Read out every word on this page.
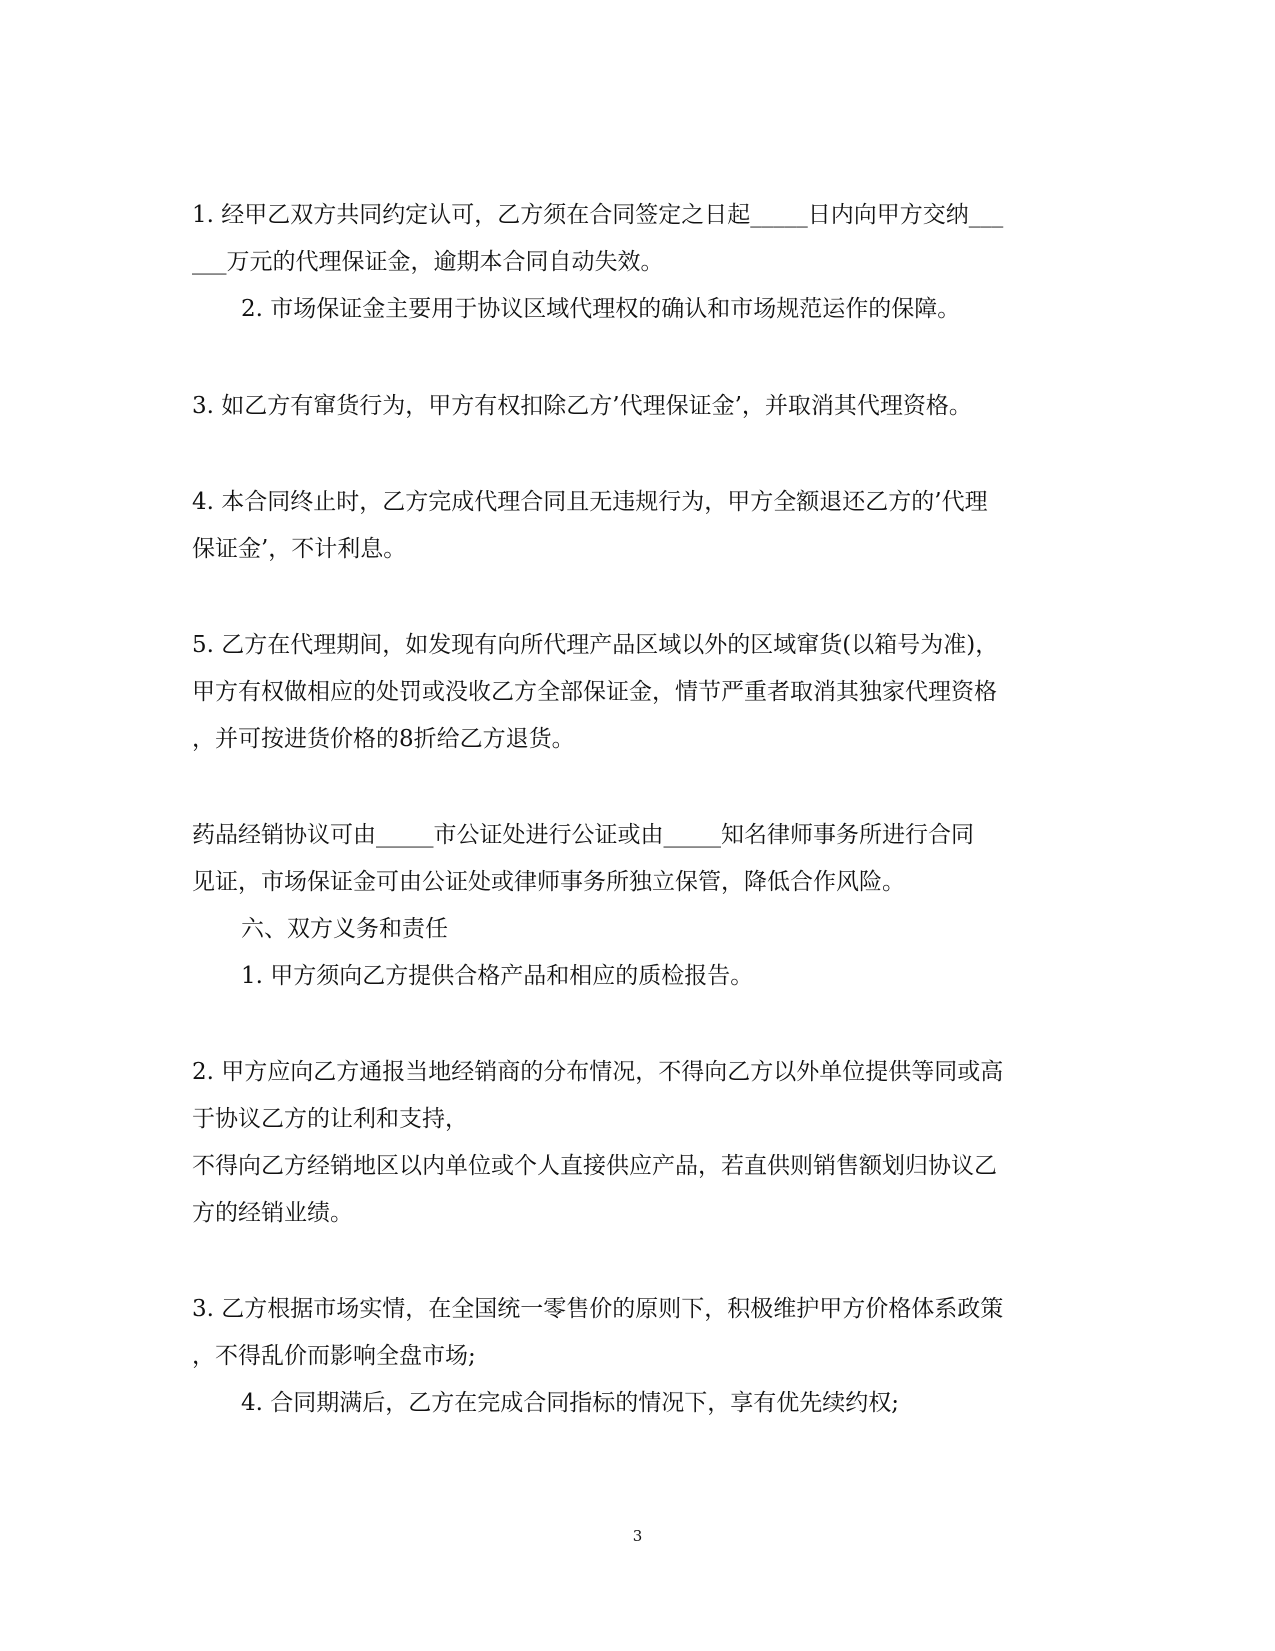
1. 经甲乙双方共同约定认可，乙方须在合同签定之日起_____日内向甲方交纳___

___万元的代理保证金，逾期本合同自动失效。

2. 市场保证金主要用于协议区域代理权的确认和市场规范运作的保障。

3. 如乙方有窜货行为，甲方有权扣除乙方’代理保证金’，并取消其代理资格。

4. 本合同终止时，乙方完成代理合同且无违规行为，甲方全额退还乙方的’代理

保证金’，不计利息。

5. 乙方在代理期间，如发现有向所代理产品区域以外的区域窜货(以箱号为准)，

甲方有权做相应的处罚或没收乙方全部保证金，情节严重者取消其独家代理资格

，并可按进货价格的8折给乙方退货。

药品经销协议可由_____市公证处进行公证或由_____知名律师事务所进行合同

见证，市场保证金可由公证处或律师事务所独立保管，降低合作风险。

六、双方义务和责任

1. 甲方须向乙方提供合格产品和相应的质检报告。

2. 甲方应向乙方通报当地经销商的分布情况，不得向乙方以外单位提供等同或高

于协议乙方的让利和支持，

不得向乙方经销地区以内单位或个人直接供应产品，若直供则销售额划归协议乙

方的经销业绩。

3. 乙方根据市场实情，在全国统一零售价的原则下，积极维护甲方价格体系政策

，不得乱价而影响全盘市场;

4. 合同期满后，乙方在完成合同指标的情况下，享有优先续约权;

3
